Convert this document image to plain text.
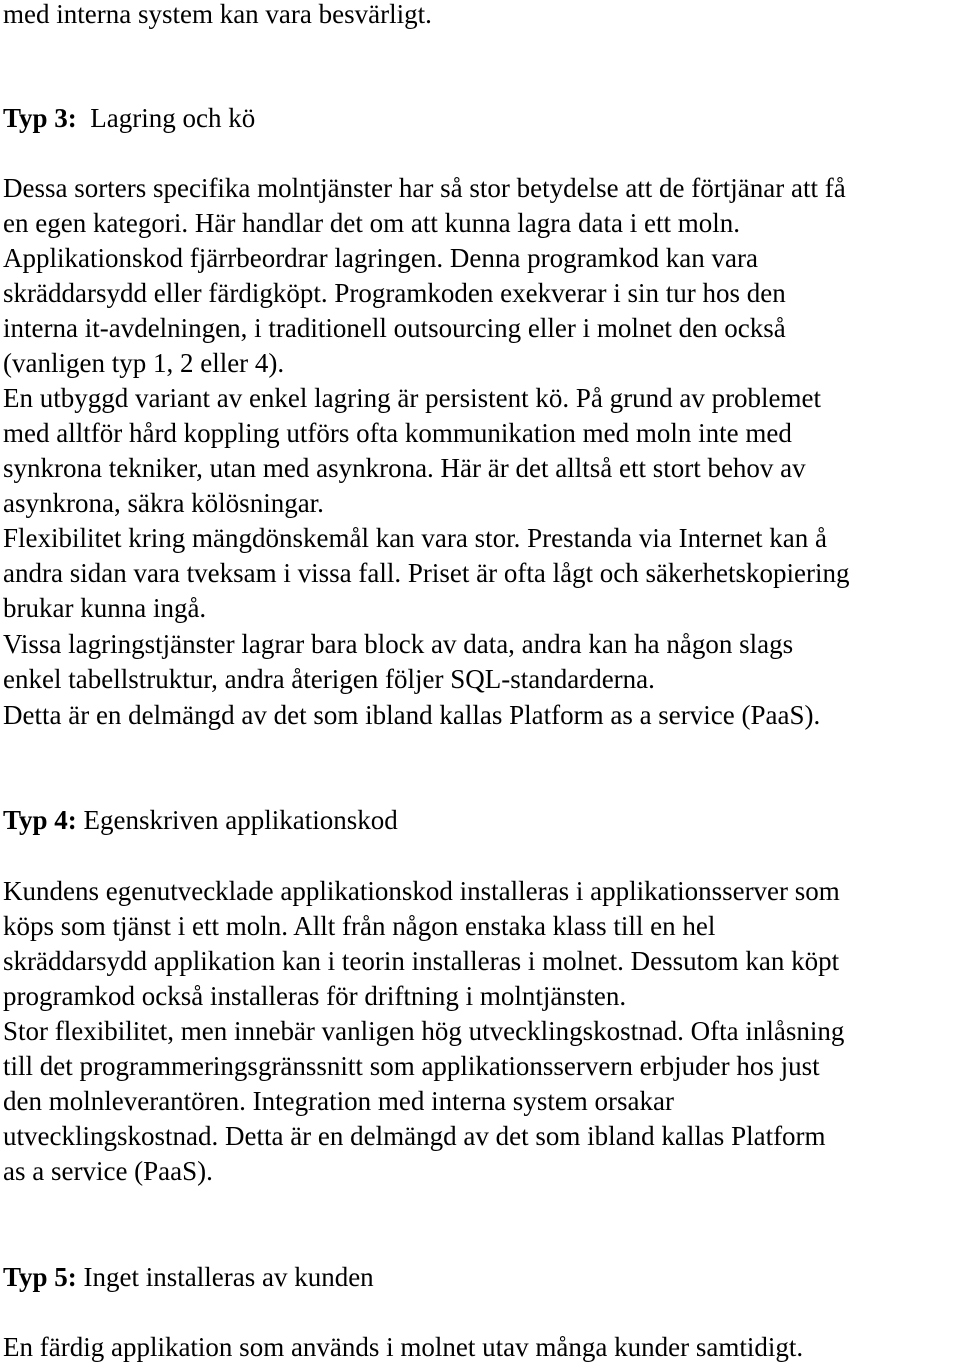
med interna system kan vara besvärligt.
Typ 3: Lagring och kö
Dessa sorters specifika molntjänster har så stor betydelse att de förtjänar att få
en egen kategori. Här handlar det om att kunna lagra data i ett moln.
Applikationskod fjärrbeordrar lagringen. Denna programkod kan vara
skräddarsydd eller färdigköpt. Programkoden exekverar i sin tur hos den
interna it-avdelningen, i traditionell outsourcing eller i molnet den också
(vanligen typ 1, 2 eller 4).
En utbyggd variant av enkel lagring är persistent kö. På grund av problemet
med alltför hård koppling utförs ofta kommunikation med moln inte med
synkrona tekniker, utan med asynkrona. Här är det alltså ett stort behov av
asynkrona, säkra kölösningar.
Flexibilitet kring mängdönskemål kan vara stor. Prestanda via Internet kan å
andra sidan vara tveksam i vissa fall. Priset är ofta lågt och säkerhetskopiering
brukar kunna ingå.
Vissa lagringstjänster lagrar bara block av data, andra kan ha någon slags
enkel tabellstruktur, andra återigen följer SQL-standarderna.
Detta är en delmängd av det som ibland kallas Platform as a service (PaaS).
Typ 4: Egenskriven applikationskod
Kundens egenutvecklade applikationskod installeras i applikationsserver som
köps som tjänst i ett moln. Allt från någon enstaka klass till en hel
skräddarsydd applikation kan i teorin installeras i molnet. Dessutom kan köpt
programkod också installeras för driftning i molntjänsten.
Stor flexibilitet, men innebär vanligen hög utvecklingskostnad. Ofta inlåsning
till det programmeringsgränssnitt som applikationsservern erbjuder hos just
den molnleverantören. Integration med interna system orsakar
utvecklingskostnad. Detta är en delmängd av det som ibland kallas Platform
as a service (PaaS).
Typ 5: Inget installeras av kunden
En färdig applikation som används i molnet utav många kunder samtidigt.
